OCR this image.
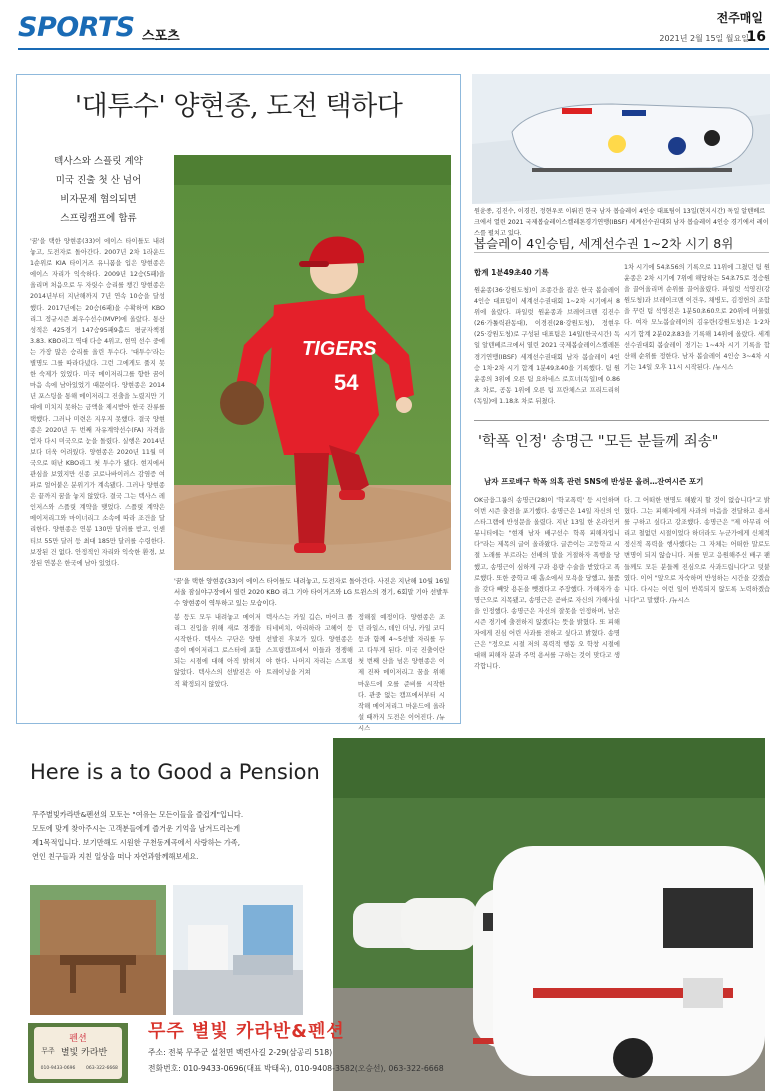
SPORTS 스포츠
전주매일
2021년 2월 15일 월요일
16
'대투수' 양현종, 도전 택하다
텍사스와 스플릿 계약
미국 진출 첫 산 넘어
비자문제 협의되면
스프링캠프에 합류
TIGERS
54
'꿈'을 택한 양현종(33)이 에이스 타이틀도 내려놓고, 도전자로 돌아간다. 사진은 지난해 10월 16일 서울 잠실야구장에서 열린 2020 KBO 리그 기아 타이거즈와 LG 트윈스의 경기, 6회말 기아 선발투수 양현종이 역투하고 있는 모습이다.
'꿈'을 택한 양현종(33)이 에이스 타이틀도 내려놓고, 도전자로 돌아간다. 2007년 2차 1라운드 1순위로 KIA 타이거즈 유니폼을 입은 양현종은 에이스 자리가 익숙하다. 2009년 12승(5패)을 올리며 처음으로 두 자릿수 승리를 챙긴 양현종은 2014년부터 지난해까지 7년 연속 10승을 달성했다. 2017년에는 20승(6패)을 수확하며 KBO리그 정규시즌 최우수선수(MVP)에 올랐다. 통산 성적은 425경기 147승95패9홀드 평균자책점 3.83. KBO리그 역대 다승 4위고, 현역 선수 중에는 가장 많은 승리를 올린 투수다. '대투수'라는 별명도 그를 따라다녔다. 그런 그에게도 풀지 못한 숙제가 있었다. 미국 메이저리그를 향한 꿈이 마음 속에 남아있었기 때문이다. 양현종은 2014년 포스팅을 통해 메이저리그 진출을 노렸지만 기대에 미치지 못하는 금액을 제시받아 한국 잔류를 택했다. 그러나 미련은 지우지 못했다. 결국 양현종은 2020년 두 번째 자유계약선수(FA) 자격을 얻자 다시 미국으로 눈을 돌렸다. 실행은 2014년보다 더욱 어려웠다. 양현종은 2020년 11월 미국으로 떠난 KBO리그 첫 투수가 됐다. 현지에서 관심을 보였지만 신종 코로나바이러스 감염증 여파로 얼어붙은 분위기가 계속됐다. 그러나 양현종은 끝까지 꿈을 놓지 않았다. 결국 그는 텍사스 레인저스와 스플릿 계약을 맺었다. 스플릿 계약은 메이저리그와 마이너리그 소속에 따라 조건을 달리한다. 양현종은 연봉 130만 달러를 받고, 인센티브 55만 달러 등 최대 185만 달러를 수령한다. 보장된 건 없다. 안정적인 자리와 익숙한 환경, 보장된 연봉은 한국에 남아 있었다.
봉 등도 모두 내려놓고 메이저리그 진입을 위해 새로 경쟁을 시작한다. 텍사스 구단은 양현종이 메이저리그 로스터에 포함되는 시점에 대해 아직 밝히지 않았다. 텍사스의 선발진은 아직 확정되지 않았다.
텍사스는 카일 깁슨, 마이크 폴티네비치, 아리하라 고헤이 등 선발진 후보가 있다. 양현종은 스프링캠프에서 이들과 경쟁해야 한다. 나머지 자리는 스프링 트레이닝을 거쳐
정해질 예정이다. 양현종은 조던 라일스, 데인 더닝, 카일 코디 등과 함께 4∼5선발 자리를 두고 다투게 된다. 미국 진출이란 첫 번째 산을 넘은 양현종은 이제 진짜 메이저리그 꿈을 위해 마운드에 오를 준비를 시작한다. 관중 없는 캠프에서부터 시작해 메이저리그 마운드에 올라설 때까지 도전은 이어진다. /뉴시스
원윤종, 김진수, 이경진, 정현우로 이뤄진 한국 남자 봅슬레이 4인승 대표팀이 13일(현지시간) 독일 알텐베르크에서 열린 2021 국제봅슬레이스켈레톤경기연맹(IBSF) 세계선수권대회 남자 봅슬레이 4인승 경기에서 레이스를 펼치고 있다.
봅슬레이 4인승팀, 세계선수권 1~2차 시기 8위
합계 1분49초40 기록
원윤종(36·강원도청)이 조종간을 잡은 한국 봅슬레이 4인승 대표팀이 세계선수권대회 1~2차 시기에서 8위에 올랐다. 파일럿 원윤종과 브레이크맨 김진수(26·가톨릭관동대), 이경진(28·강원도청), 정현우(25·강원도청)로 구성된 대표팀은 14일(한국시간) 독일 알텐베르크에서 열린 2021 국제봅슬레이스켈레톤경기연맹(IBSF) 세계선수권대회 남자 봅슬레이 4인승 1차·2차 시기 합계 1분49초40을 기록했다. 팀 원윤종의 3위에 오른 팀 요하네스 로흐너(독일)에 0.86초 차로, 공동 1위에 오른 팀 프란체스코 프리드리히(독일)에 1.18초 차로 뒤쳤다.
1차 시기에 54초56의 기록으로 11위에 그쳤던 팀 원윤종은 2차 시기에 7위에 해당하는 54초75로 정승원을 끌어올리며 순위를 끌어올렸다. 파일럿 석영진(강원도청)과 브레이크맨 이건우, 채병도, 김정헌의 조합을 꾸린 팀 석영진은 1분50초60으로 20위에 머물렀다. 여자 모노봅슬레이의 김유란(강원도청)은 1·2차 시기 합계 2분02초83을 기록해 14위에 올랐다. 세계선수권대회 봅슬레이 경기는 1~4차 시기 기록을 합산해 순위를 정한다. 남자 봅슬레이 4인승 3~4차 시기는 14일 오후 11시 시작된다. /뉴시스
'학폭 인정' 송명근 "모든 분들께 죄송"
남자 프로배구 학폭 의혹 관련 SNS에 반성문 올려…잔여시즌 포기
OK금융그룹의 송명근(28)이 '학교폭력' 등 시인하며 이번 시즌 출전을 포기했다. 송명근은 14일 자신의 인스타그램에 반성문을 올렸다. 지난 13일 한 온라인커뮤니티에는 "현재 남자 배구선수 학폭 피해자입니다"라는 제목의 글이 올라왔다. 글쓴이는 고등학교 시절 노래를 부르라는 선배의 말을 거절하자 폭행을 당했고, 송명근이 심하게 구과 용량 수술을 받았다고 폭로했다. 또한 중학교 때 흡소에서 모욕을 당했고, 물품을 갖다 빼앗 용돈을 뺏겼다고 주장했다. 가해자가 송명근으로 지목됐고, 송명근은 곧바로 자신의 가해사실을 인정했다. 송명근은 자신의 잘못을 인정하며, 남은 시즌 경기에 출전하지 않겠다는 뜻을 밝혔다. 또 피해자에게 진심 어린 사과를 전하고 싶다고 밝혔다. 송명근은 "정으로 시절 저의 폭력적 행동 오 학창 시절에 대해 피해자 분과 주먹 용서를 구하는 것이 맞다고 생각합니다.
다. 그 어떠한 변명도 해봤지 할 것이 없습니다"고 밝혔다. 그는 피해자에게 사과의 마음을 전달하고 용서를 구하고 싶다고 강조했다. 송명근은 "제 아무리 어리고 철없던 시절이었다 하더라도 누군가에게 신체적 정신적 폭력을 행사했다는 그 자체는 어떠한 말로도 변명이 되지 않습니다. 저를 믿고 응원해주신 배구 팬들께도 모든 분들께 진심으로 사과드립니다"고 덧붙였다. 이어 "앞으로 자숙하며 반성하는 시간을 갖겠습니다. 다시는 이런 일이 반복되지 않도록 노력하겠습니다"고 말했다. /뉴시스
Here is a to Good a Pension
무주별빛카라반&펜션의 모토는 "여유는 모든이들을 즐겁게"입니다.
모토에 맞게 찾아주시는 고객분들에게 즐거운 기억을 남겨드리는게
제1목적입니다. 보기만해도 시원한 구천동계곡에서 사랑하는 가족,
연인 친구들과 지친 일상을 떠나 자연과함께해보세요.
펜션
무주 별빛 카라반
010-9433-0696 063-322-6668
무주 별빛 카라반&펜션
주소: 전북 무주군 설천면 백련사길 2-29(삼공리 518)
전화번호: 010-9433-0696(대표 박태욱), 010-9408-3582(오승선), 063-322-6668
